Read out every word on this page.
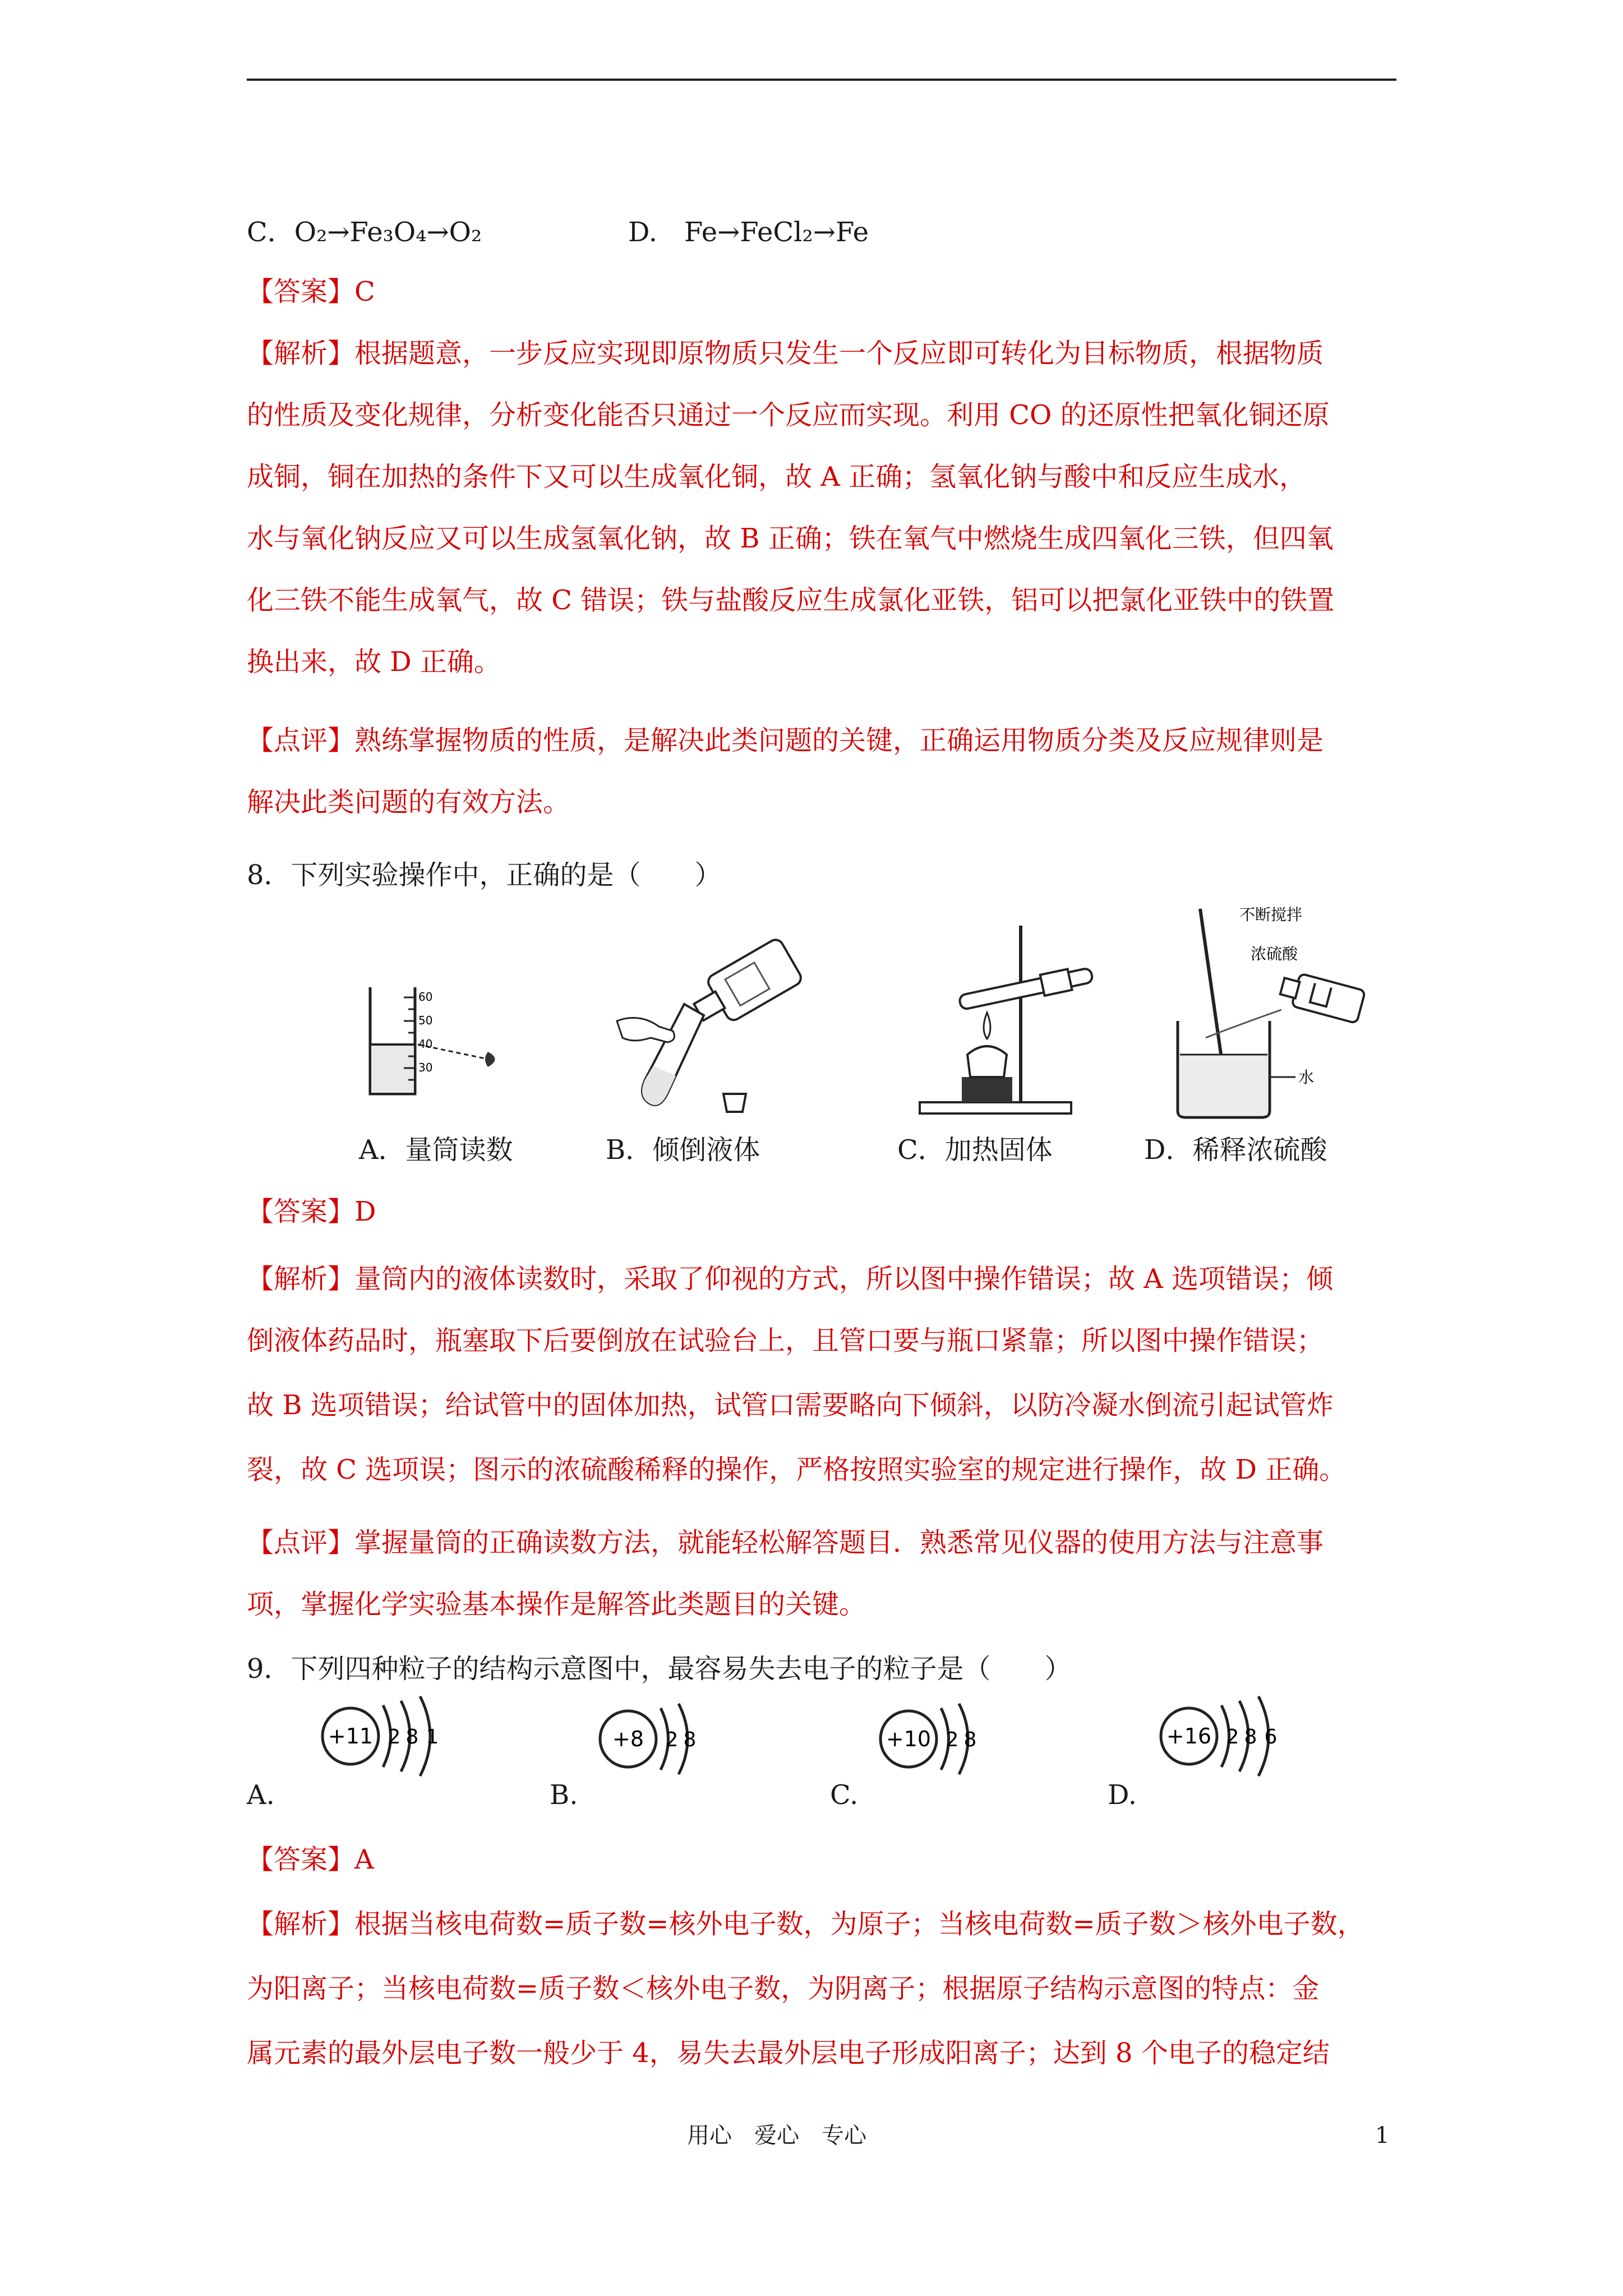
C．O₂→Fe₃O₄→O₂	D.　Fe→FeCl₂→Fe
【答案】C
【解析】根据题意，一步反应实现即原物质只发生一个反应即可转化为目标物质，根据物质
的性质及变化规律，分析变化能否只通过一个反应而实现。利用 CO 的还原性把氧化铜还原
成铜，铜在加热的条件下又可以生成氧化铜，故 A 正确；氢氧化钠与酸中和反应生成水，
水与氧化钠反应又可以生成氢氧化钠，故 B 正确；铁在氧气中燃烧生成四氧化三铁，但四氧
化三铁不能生成氧气，故 C 错误；铁与盐酸反应生成氯化亚铁，铝可以把氯化亚铁中的铁置
换出来，故 D 正确。
【点评】熟练掌握物质的性质，是解决此类问题的关键，正确运用物质分类及反应规律则是
解决此类问题的有效方法。
8．下列实验操作中，正确的是（　　）
60
50
40
30
不断搅拌
浓硫酸
水
A．量筒读数	B．倾倒液体	C．加热固体	D．稀释浓硫酸
【答案】D
【解析】量筒内的液体读数时，采取了仰视的方式，所以图中操作错误；故 A 选项错误；倾
倒液体药品时，瓶塞取下后要倒放在试验台上，且管口要与瓶口紧靠；所以图中操作错误；
故 B 选项错误；给试管中的固体加热，试管口需要略向下倾斜，以防冷凝水倒流引起试管炸
裂，故 C 选项误；图示的浓硫酸稀释的操作，严格按照实验室的规定进行操作，故 D 正确。
【点评】掌握量筒的正确读数方法，就能轻松解答题目．熟悉常见仪器的使用方法与注意事
项，掌握化学实验基本操作是解答此类题目的关键。
9．下列四种粒子的结构示意图中，最容易失去电子的粒子是（　　）
A.	B.	C.	D.
+11 2 8 1	+8 2 8	+10 2 8	+16 2 8 6
【答案】A
【解析】根据当核电荷数=质子数=核外电子数，为原子；当核电荷数=质子数＞核外电子数，
为阳离子；当核电荷数=质子数＜核外电子数，为阴离子；根据原子结构示意图的特点：金
属元素的最外层电子数一般少于 4，易失去最外层电子形成阳离子；达到 8 个电子的稳定结
用心　爱心　专心	1
